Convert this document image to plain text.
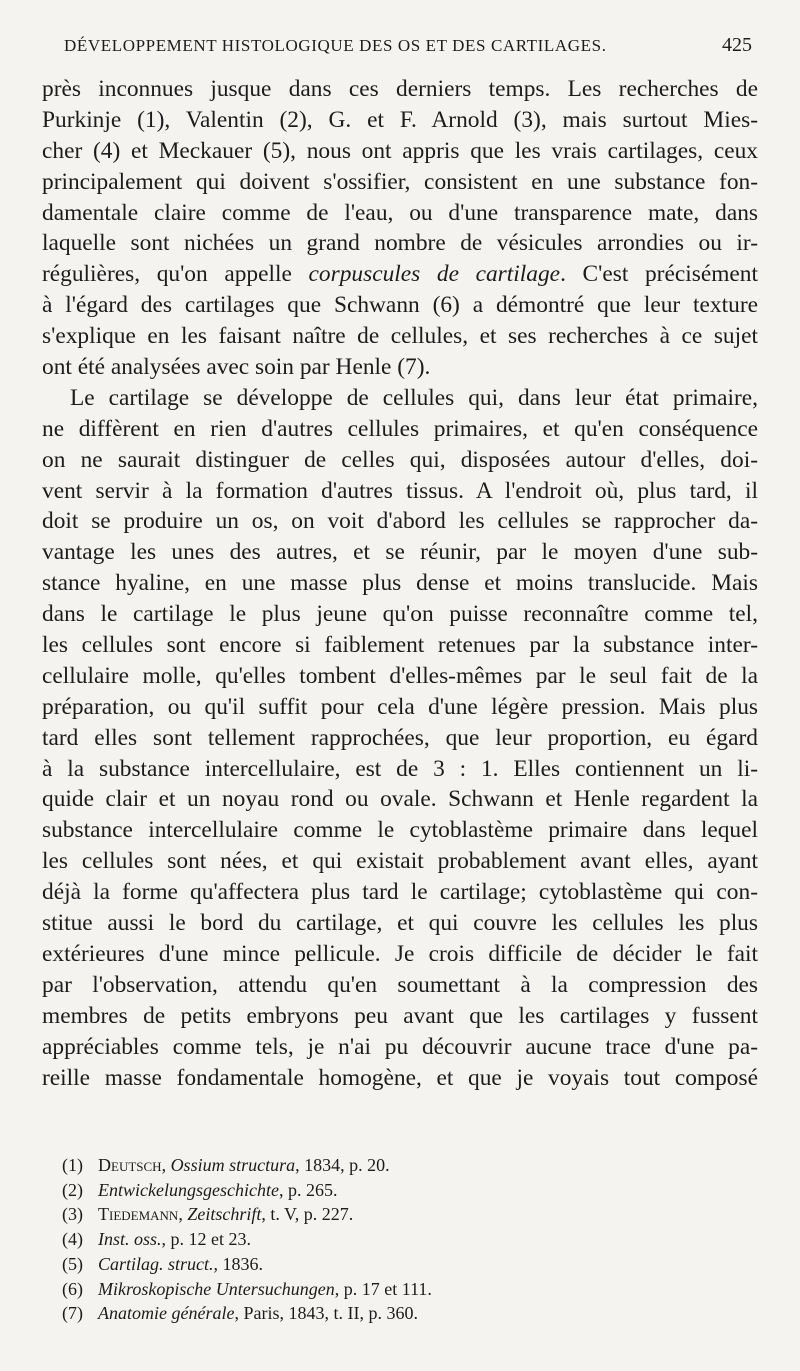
DÉVELOPPEMENT HISTOLOGIQUE DES OS ET DES CARTILAGES.	425
près inconnues jusque dans ces derniers temps. Les recherches de
Purkinje (1), Valentin (2), G. et F. Arnold (3), mais surtout Mies-
cher (4) et Meckauer (5), nous ont appris que les vrais cartilages, ceux
principalement qui doivent s'ossifier, consistent en une substance fon-
damentale claire comme de l'eau, ou d'une transparence mate, dans
laquelle sont nichées un grand nombre de vésicules arrondies ou ir-
régulières, qu'on appelle corpuscules de cartilage. C'est précisément
à l'égard des cartilages que Schwann (6) a démontré que leur texture
s'explique en les faisant naître de cellules, et ses recherches à ce sujet
ont été analysées avec soin par Henle (7).
Le cartilage se développe de cellules qui, dans leur état primaire,
ne diffèrent en rien d'autres cellules primaires, et qu'en conséquence
on ne saurait distinguer de celles qui, disposées autour d'elles, doi-
vent servir à la formation d'autres tissus. A l'endroit où, plus tard, il
doit se produire un os, on voit d'abord les cellules se rapprocher da-
vantage les unes des autres, et se réunir, par le moyen d'une sub-
stance hyaline, en une masse plus dense et moins translucide. Mais
dans le cartilage le plus jeune qu'on puisse reconnaître comme tel,
les cellules sont encore si faiblement retenues par la substance inter-
cellulaire molle, qu'elles tombent d'elles-mêmes par le seul fait de la
préparation, ou qu'il suffit pour cela d'une légère pression. Mais plus
tard elles sont tellement rapprochées, que leur proportion, eu égard
à la substance intercellulaire, est de 3 : 1. Elles contiennent un li-
quide clair et un noyau rond ou ovale. Schwann et Henle regardent la
substance intercellulaire comme le cytoblastème primaire dans lequel
les cellules sont nées, et qui existait probablement avant elles, ayant
déjà la forme qu'affectera plus tard le cartilage; cytoblastème qui con-
stitue aussi le bord du cartilage, et qui couvre les cellules les plus
extérieures d'une mince pellicule. Je crois difficile de décider le fait
par l'observation, attendu qu'en soumettant à la compression des
membres de petits embryons peu avant que les cartilages y fussent
appréciables comme tels, je n'ai pu découvrir aucune trace d'une pa-
reille masse fondamentale homogène, et que je voyais tout composé
(1) Deutsch, Ossium structura, 1834, p. 20.
(2) Entwickelungsgeschichte, p. 265.
(3) Tiedemann, Zeitschrift, t. V, p. 227.
(4) Inst. oss., p. 12 et 23.
(5) Cartilag. struct., 1836.
(6) Mikroskopische Untersuchungen, p. 17 et 111.
(7) Anatomie générale, Paris, 1843, t. II, p. 360.
